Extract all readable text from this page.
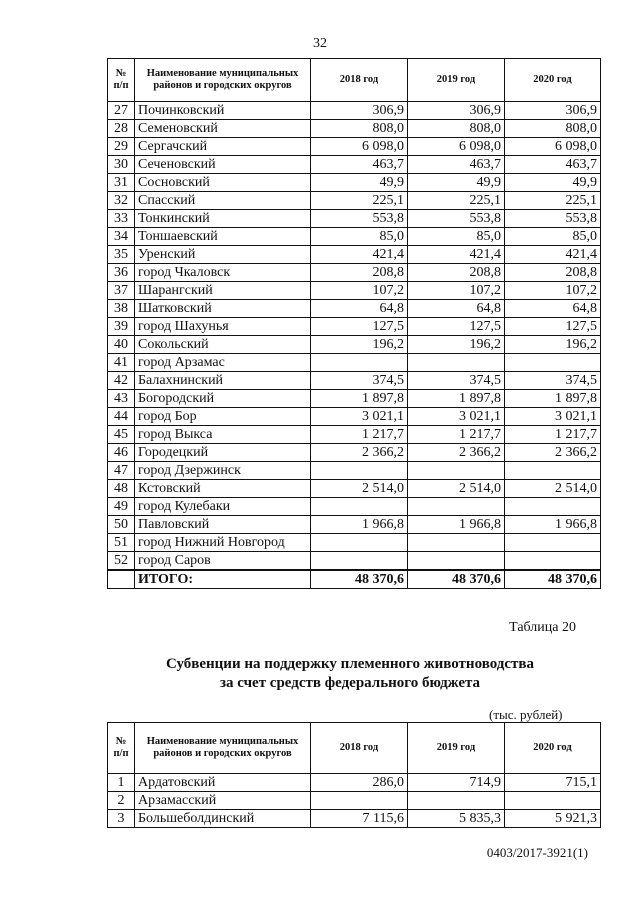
32
№ п/п	Наименование муниципальных районов и городских округов	2018 год	2019 год	2020 год
27	Починковский	306,9	306,9	306,9
28	Семеновский	808,0	808,0	808,0
29	Сергачский	6 098,0	6 098,0	6 098,0
30	Сеченовский	463,7	463,7	463,7
31	Сосновский	49,9	49,9	49,9
32	Спасский	225,1	225,1	225,1
33	Тонкинский	553,8	553,8	553,8
34	Тоншаевский	85,0	85,0	85,0
35	Уренский	421,4	421,4	421,4
36	город Чкаловск	208,8	208,8	208,8
37	Шарангский	107,2	107,2	107,2
38	Шатковский	64,8	64,8	64,8
39	город Шахунья	127,5	127,5	127,5
40	Сокольский	196,2	196,2	196,2
41	город Арзамас			
42	Балахнинский	374,5	374,5	374,5
43	Богородский	1 897,8	1 897,8	1 897,8
44	город Бор	3 021,1	3 021,1	3 021,1
45	город Выкса	1 217,7	1 217,7	1 217,7
46	Городецкий	2 366,2	2 366,2	2 366,2
47	город Дзержинск			
48	Кстовский	2 514,0	2 514,0	2 514,0
49	город Кулебаки			
50	Павловский	1 966,8	1 966,8	1 966,8
51	город Нижний Новгород			
52	город Саров			
	ИТОГО:	48 370,6	48 370,6	48 370,6
Таблица 20
Субвенции на поддержку племенного животноводства
за счет средств федерального бюджета
(тыс. рублей)
№ п/п	Наименование муниципальных районов и городских округов	2018 год	2019 год	2020 год
1	Ардатовский	286,0	714,9	715,1
2	Арзамасский			
3	Большеболдинский	7 115,6	5 835,3	5 921,3
0403/2017-3921(1)
